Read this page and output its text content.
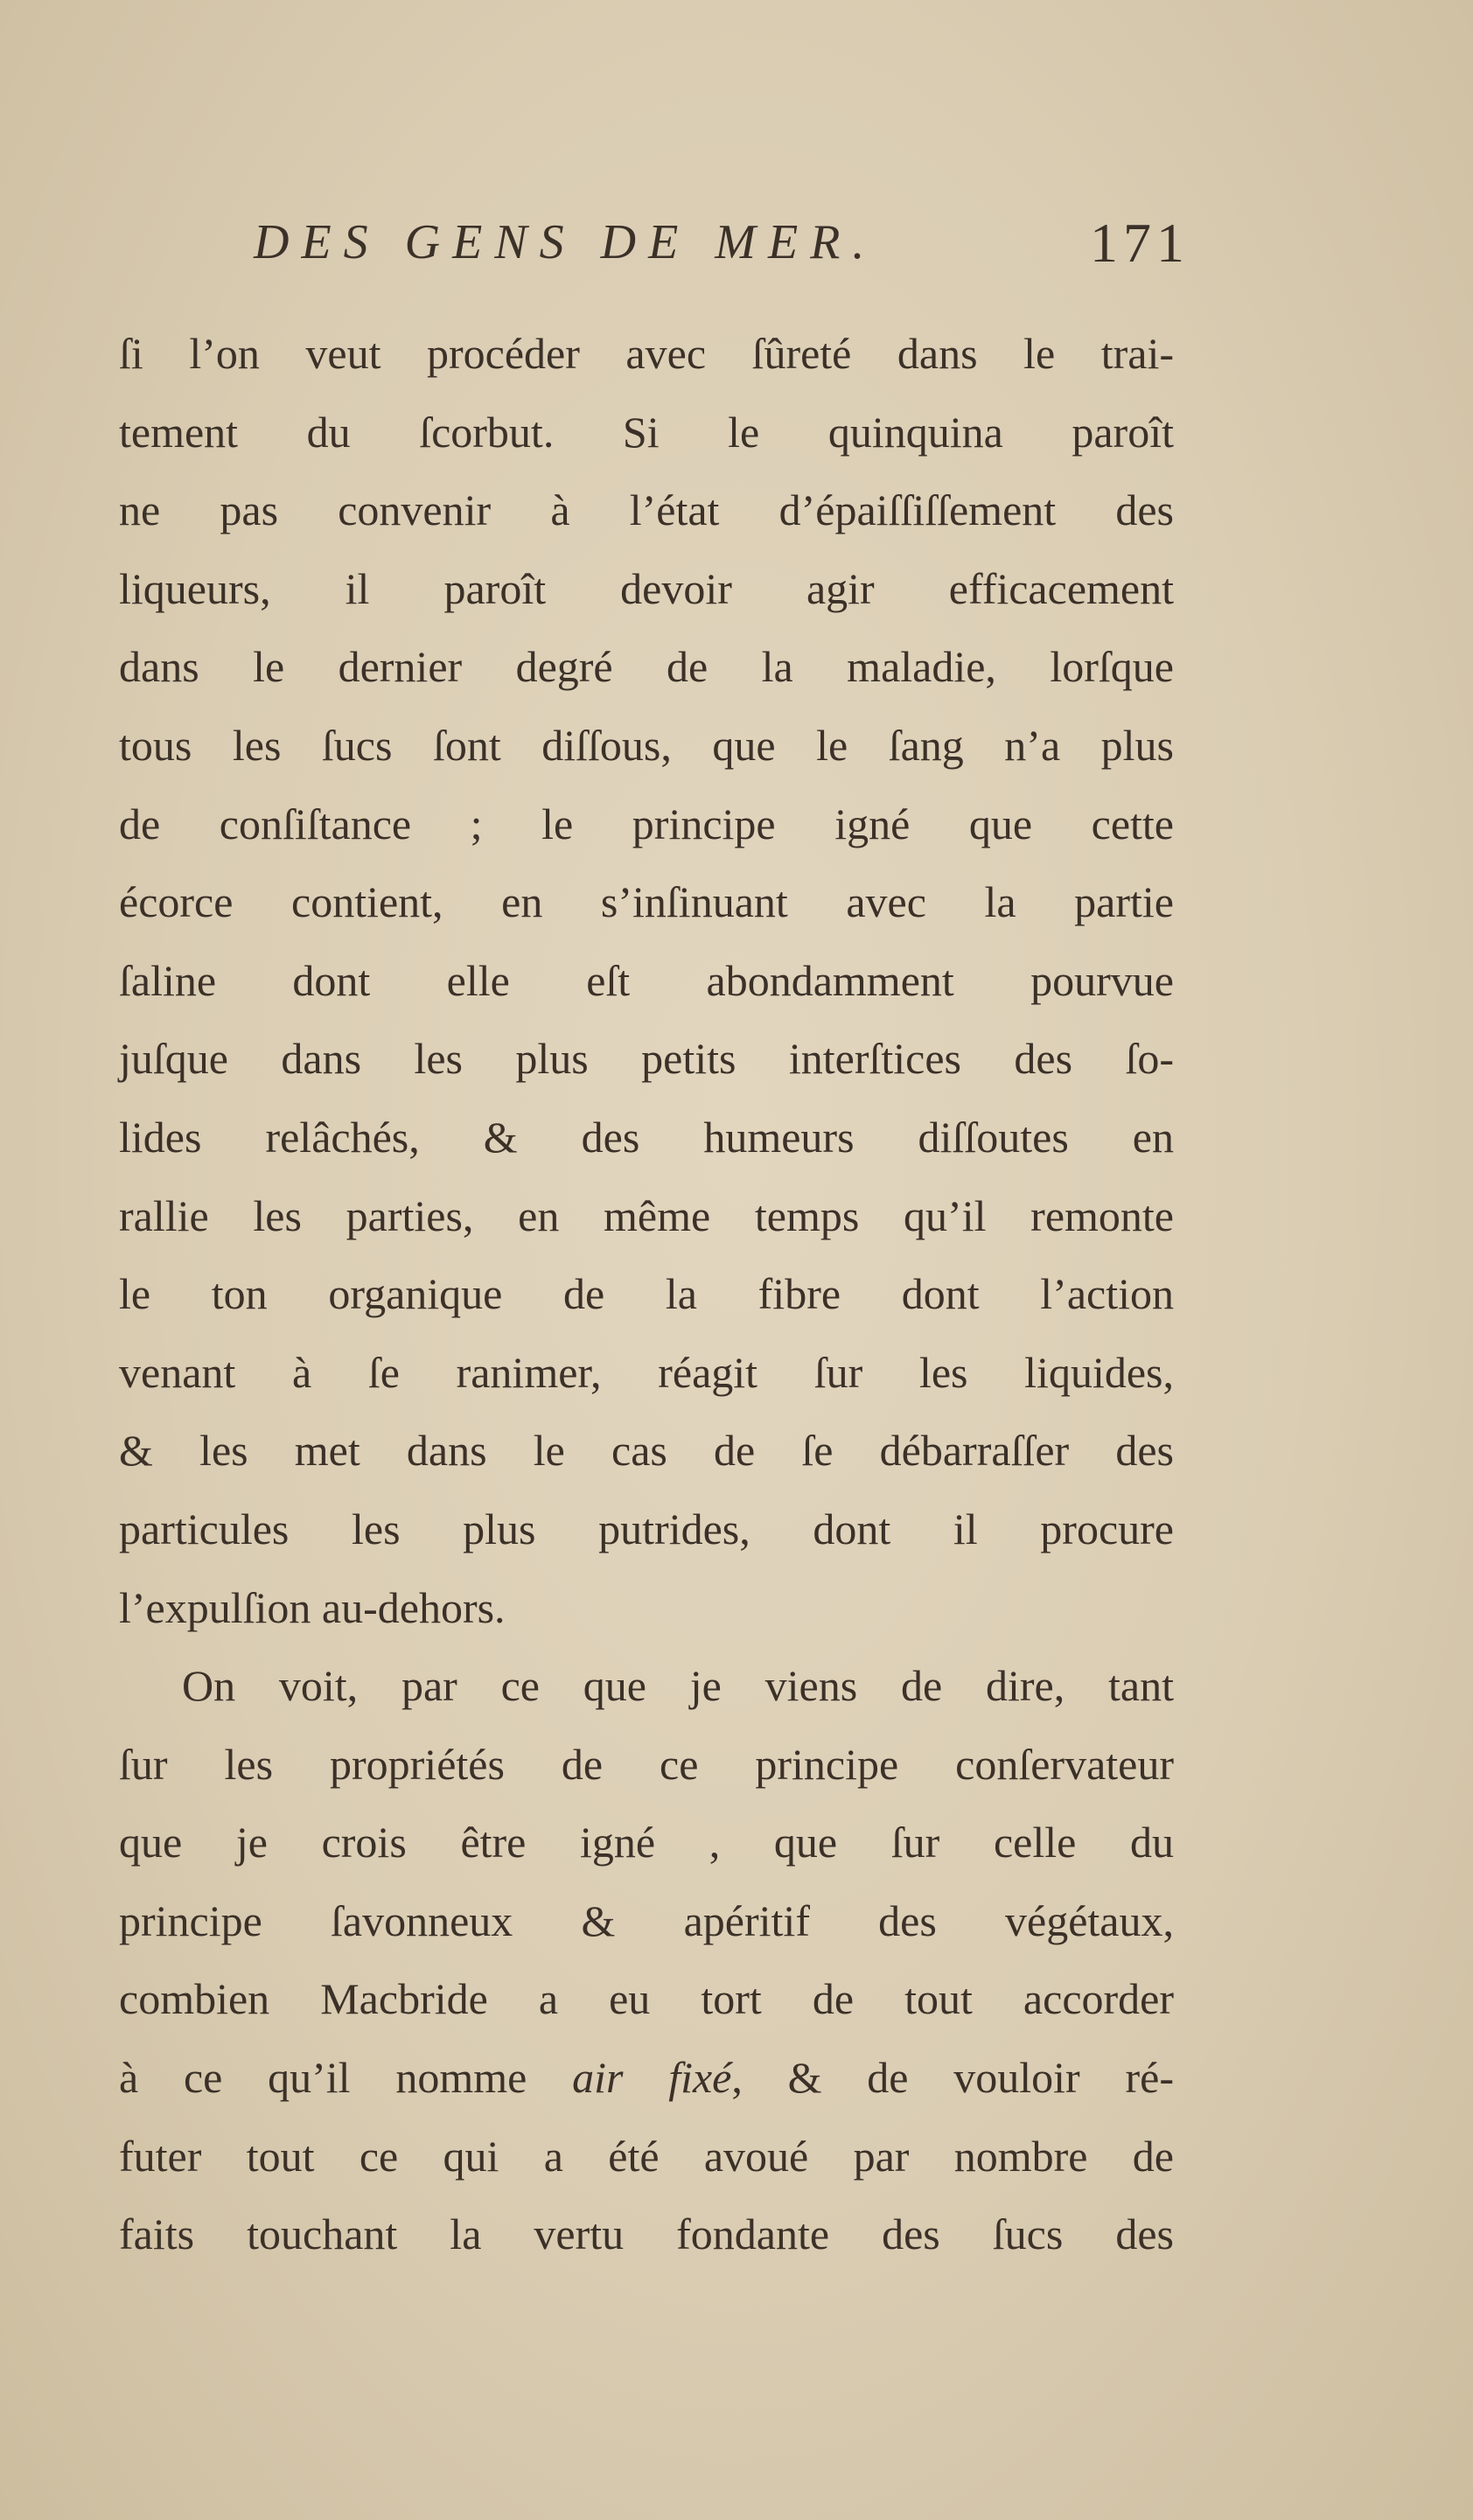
DES GENS DE MER.	171
ſi l’on veut procéder avec ſûreté dans le trai-
tement du ſcorbut. Si le quinquina paroît
ne pas convenir à l’état d’épaiſſiſſement des
liqueurs, il paroît devoir agir efficacement
dans le dernier degré de la maladie, lorſque
tous les ſucs ſont diſſous, que le ſang n’a plus
de conſiſtance ; le principe igné que cette
écorce contient, en s’inſinuant avec la partie
ſaline dont elle eſt abondamment pourvue
juſque dans les plus petits interſtices des ſo-
lides relâchés, & des humeurs diſſoutes en
rallie les parties, en même temps qu’il remonte
le ton organique de la fibre dont l’action
venant à ſe ranimer, réagit ſur les liquides,
& les met dans le cas de ſe débarraſſer des
particules les plus putrides, dont il procure
l’expulſion au-dehors.
On voit, par ce que je viens de dire, tant
ſur les propriétés de ce principe conſervateur
que je crois être igné , que ſur celle du
principe ſavonneux & apéritif des végétaux,
combien Macbride a eu tort de tout accorder
à ce qu’il nomme air fixé, & de vouloir ré-
futer tout ce qui a été avoué par nombre de
faits touchant la vertu fondante des ſucs des
